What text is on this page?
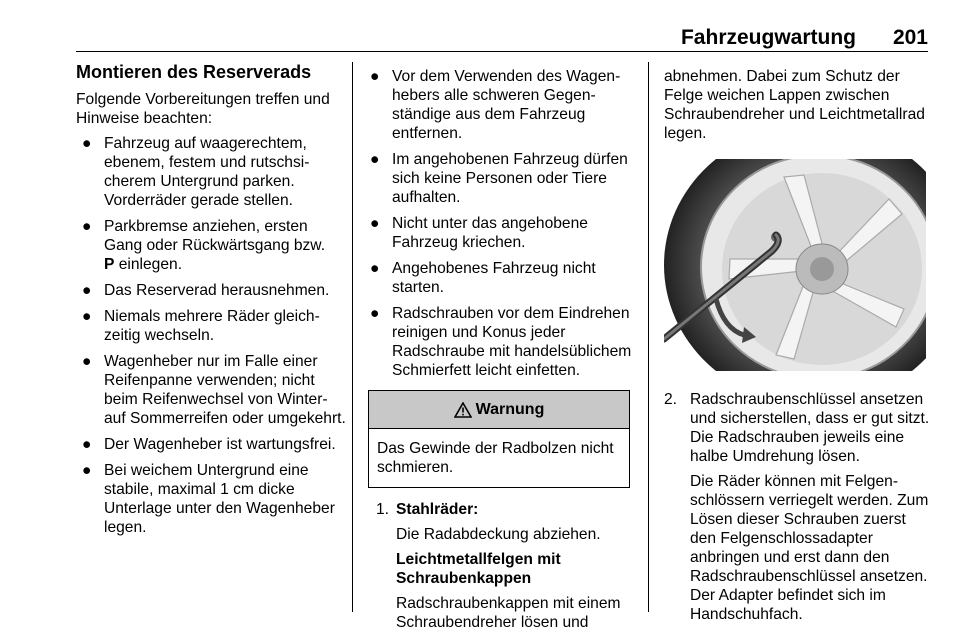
Fahrzeugwartung 201
Montieren des Reserverads

Folgende Vorbereitungen treffen und Hinweise beachten:

● Fahrzeug auf waagerechtem, ebenem, festem und rutschsicherem Untergrund parken. Vorderräder gerade stellen.
● Parkbremse anziehen, ersten Gang oder Rückwärtsgang bzw.
P einlegen.
● Das Reserverad herausnehmen.
● Niemals mehrere Räder gleichzeitig wechseln.
● Wagenheber nur im Falle einer Reifenpanne verwenden; nicht beim Reifenwechsel von Winter- auf Sommerreifen oder umgekehrt.
● Der Wagenheber ist wartungsfrei.
● Bei weichem Untergrund eine stabile, maximal 1 cm dicke Unterlage unter den Wagenheber legen.
● Vor dem Verwenden des Wagenhebers alle schweren Gegenständige aus dem Fahrzeug entfernen.
● Im angehobenen Fahrzeug dürfen sich keine Personen oder Tiere aufhalten.
● Nicht unter das angehobene Fahrzeug kriechen.
● Angehobenes Fahrzeug nicht starten.
● Radschrauben vor dem Eindrehen reinigen und Konus jeder Radschraube mit handelsüblichem Schmierfett leicht einfetten.
Warnung
Das Gewinde der Radbolzen nicht schmieren.
1. Stahlräder:
Die Radabdeckung abziehen.
Leichtmetallfelgen mit Schraubenkappen
Radschraubenkappen mit einem Schraubendreher lösen und

abnehmen. Dabei zum Schutz der Felge weichen Lappen zwischen Schraubendreher und Leichtmetallrad legen.

2. Radschraubenschlüssel ansetzen und sicherstellen, dass er gut sitzt. Die Radschrauben jeweils eine halbe Umdrehung lösen.
Die Räder können mit Felgenschlössern verriegelt werden. Zum Lösen dieser Schrauben zuerst den Felgenschlossadapter anbringen und erst dann den Radschraubenschlüssel ansetzen. Der Adapter befindet sich im Handschuhfach.
